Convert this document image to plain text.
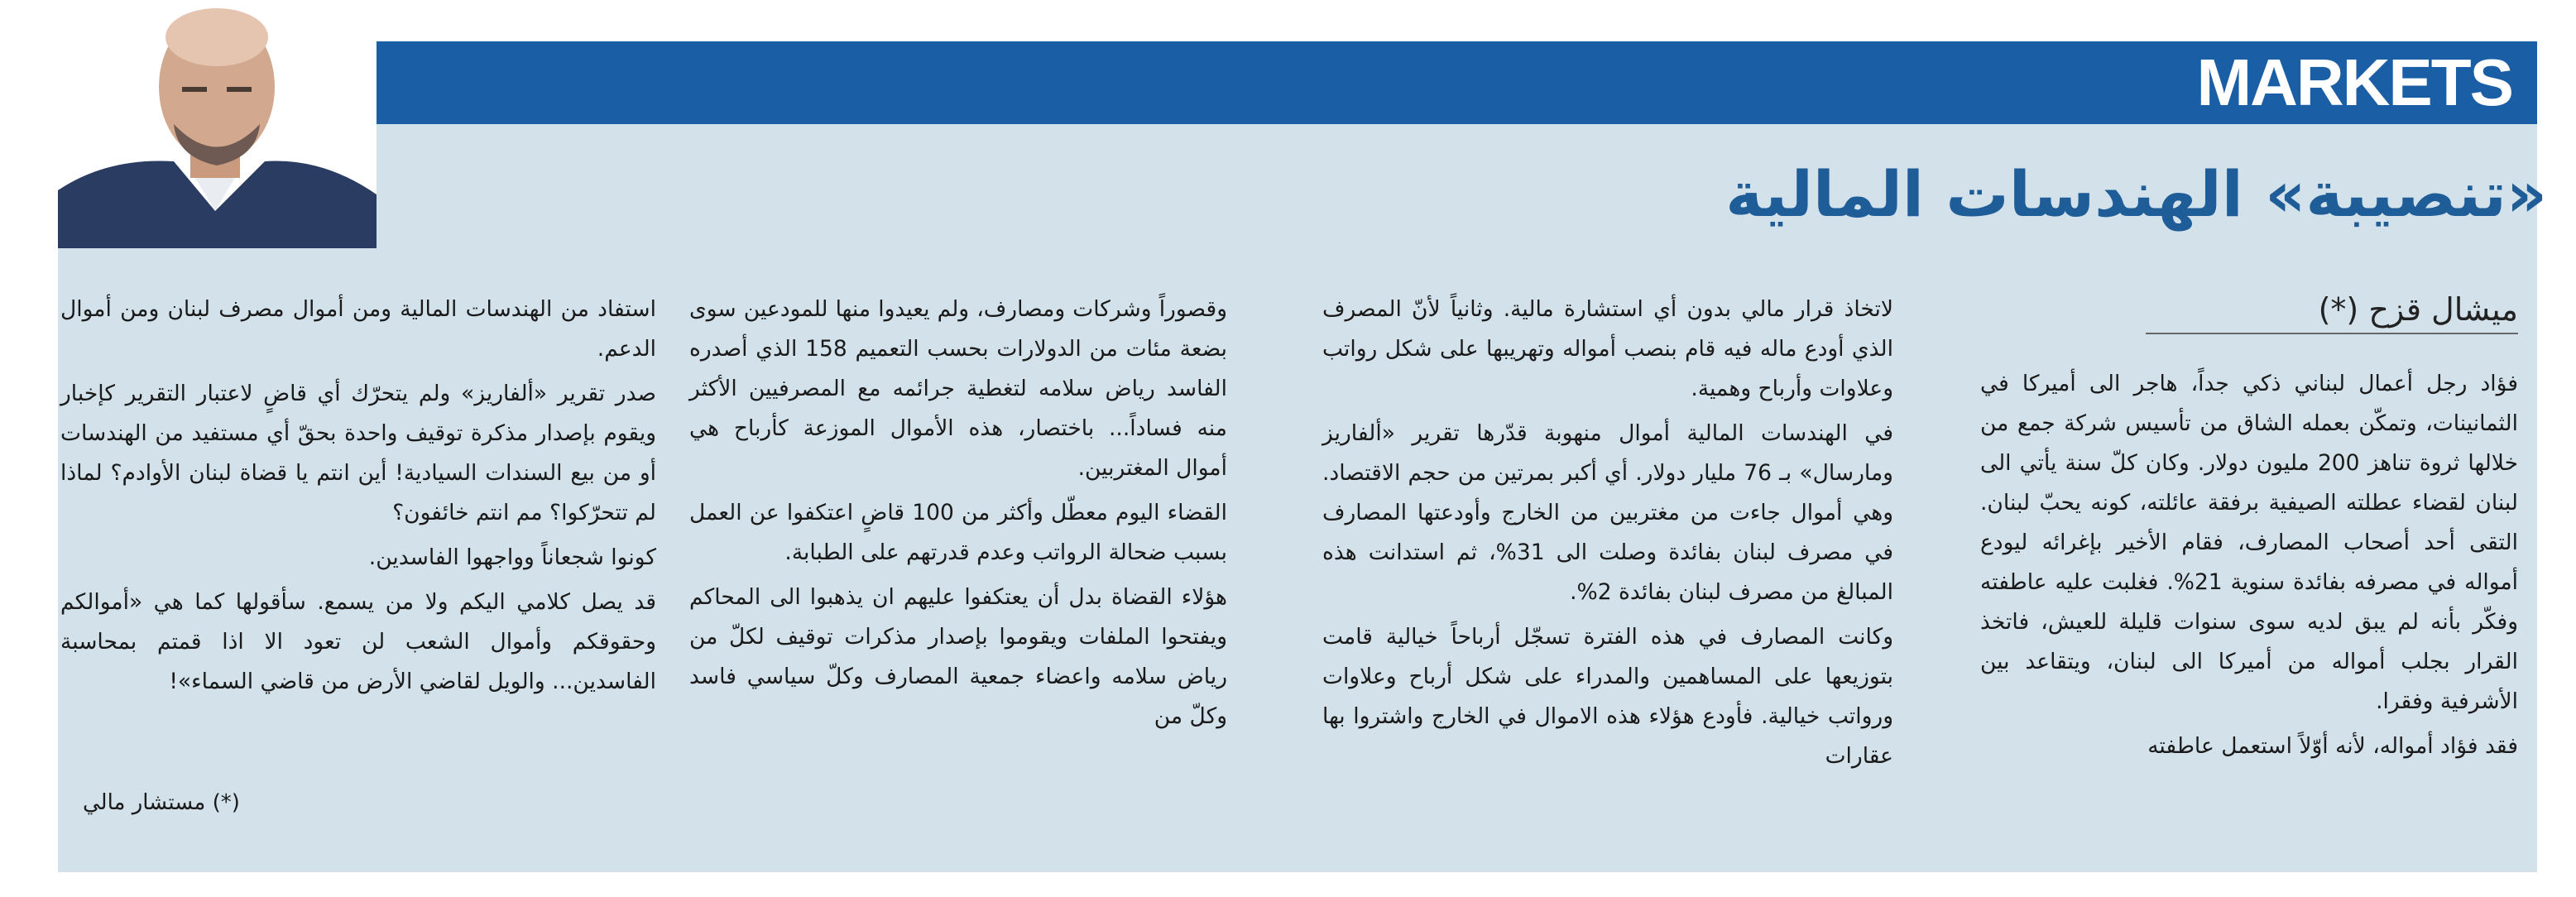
MARKETS
«تنصيبة» الهندسات المالية
ميشال قزح (*)

فؤاد رجل أعمال لبناني ذكي جداً، هاجر الى أميركا في الثمانينات، وتمكّن بعمله الشاق من تأسيس شركة جمع من خلالها ثروة تناهز 200 مليون دولار. وكان كلّ سنة يأتي الى لبنان لقضاء عطلته الصيفية برفقة عائلته، كونه يحبّ لبنان. التقى أحد أصحاب المصارف، فقام الأخير بإغرائه ليودع أمواله في مصرفه بفائدة سنوية 21%. فغلبت عليه عاطفته وفكّر بأنه لم يبق لديه سوى سنوات قليلة للعيش، فاتخذ القرار بجلب أمواله من أميركا الى لبنان، ويتقاعد بين الأشرفية وفقرا.

فقد فؤاد أمواله، لأنه أوّلاً استعمل عاطفته

لاتخاذ قرار مالي بدون أي استشارة مالية. وثانياً لأنّ المصرف الذي أودع ماله فيه قام بنصب أمواله وتهريبها على شكل رواتب وعلاوات وأرباح وهمية.

في الهندسات المالية أموال منهوبة قدّرها تقرير «ألفاريز ومارسال» بـ 76 مليار دولار. أي أكبر بمرتين من حجم الاقتصاد. وهي أموال جاءت من مغتربين من الخارج وأودعتها المصارف في مصرف لبنان بفائدة وصلت الى 31%، ثم استدانت هذه المبالغ من مصرف لبنان بفائدة 2%.

وكانت المصارف في هذه الفترة تسجّل أرباحاً خيالية قامت بتوزيعها على المساهمين والمدراء على شكل أرباح وعلاوات ورواتب خيالية. فأودع هؤلاء هذه الاموال في الخارج واشتروا بها عقارات

وقصوراً وشركات ومصارف، ولم يعيدوا منها للمودعين سوى بضعة مئات من الدولارات بحسب التعميم 158 الذي أصدره الفاسد رياض سلامه لتغطية جرائمه مع المصرفيين الأكثر منه فساداً... باختصار، هذه الأموال الموزعة كأرباح هي أموال المغتربين.

القضاء اليوم معطّل وأكثر من 100 قاضٍ اعتكفوا عن العمل بسبب ضحالة الرواتب وعدم قدرتهم على الطبابة.

هؤلاء القضاة بدل أن يعتكفوا عليهم ان يذهبوا الى المحاكم ويفتحوا الملفات ويقوموا بإصدار مذكرات توقيف لكلّ من رياض سلامه واعضاء جمعية المصارف وكلّ سياسي فاسد وكلّ من

استفاد من الهندسات المالية ومن أموال مصرف لبنان ومن أموال الدعم.

صدر تقرير «ألفاريز» ولم يتحرّك أي قاضٍ لاعتبار التقرير كإخبار ويقوم بإصدار مذكرة توقيف واحدة بحقّ أي مستفيد من الهندسات أو من بيع السندات السيادية! أين انتم يا قضاة لبنان الأوادم؟ لماذا لم تتحرّكوا؟ مم انتم خائفون؟

كونوا شجعاناً وواجهوا الفاسدين.

قد يصل كلامي اليكم ولا من يسمع. سأقولها كما هي «أموالكم وحقوقكم وأموال الشعب لن تعود الا اذا قمتم بمحاسبة الفاسدين... والويل لقاضي الأرض من قاضي السماء»!

(*) مستشار مالي
